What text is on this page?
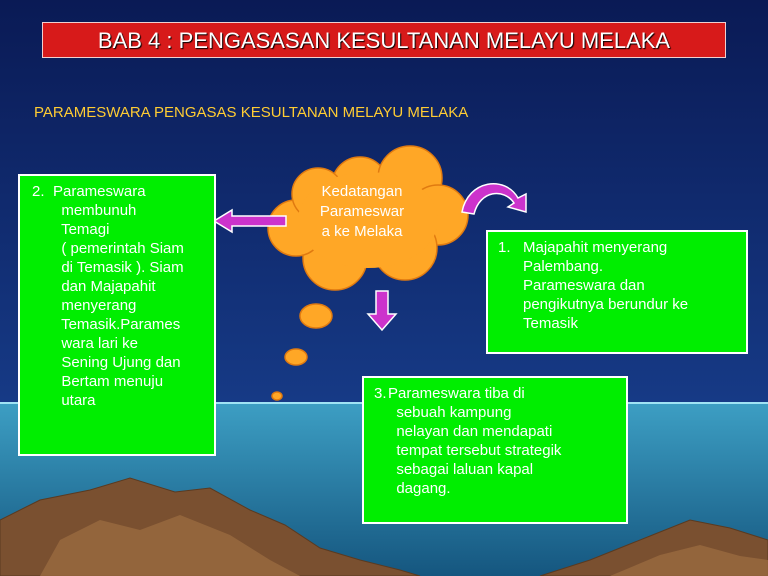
BAB 4 : PENGASASAN KESULTANAN MELAYU MELAKA
PARAMESWARA PENGASAS KESULTANAN MELAYU MELAKA
Kedatangan
Parameswar
a ke Melaka
2. Parameswara
membunuh
Temagi
( pemerintah Siam
di Temasik ). Siam
dan Majapahit
menyerang
Temasik.Parames
wara lari ke
Sening Ujung dan
Bertam menuju
utara
1. Majapahit menyerang
Palembang.
Parameswara dan
pengikutnya berundur ke
Temasik
3. Parameswara tiba di
sebuah kampung
nelayan dan mendapati
tempat tersebut strategik
sebagai laluan kapal
dagang.
